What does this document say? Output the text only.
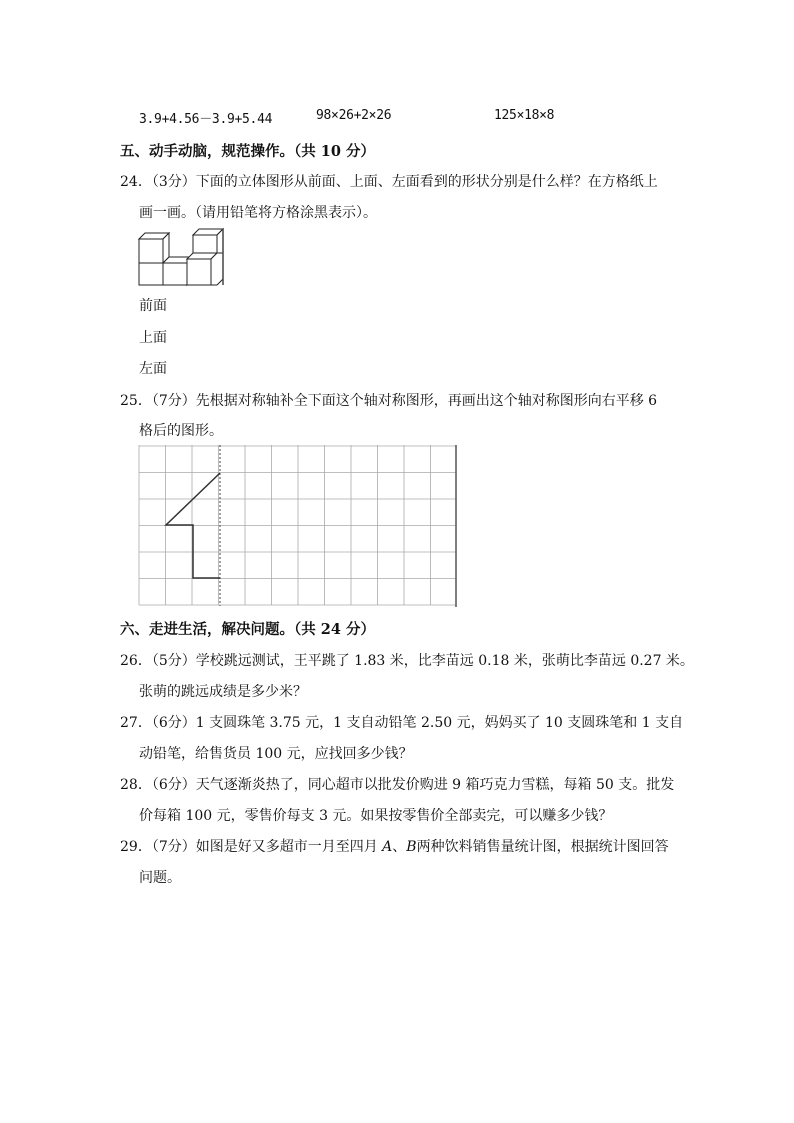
3.9+4.56－3.9+5.44	98×26+2×26	125×18×8
五、动手动脑，规范操作。（共 10 分）
24．（3分）下面的立体图形从前面、上面、左面看到的形状分别是什么样？在方格纸上
画一画。（请用铅笔将方格涂黑表示）。
前面
上面
左面
25．（7分）先根据对称轴补全下面这个轴对称图形，再画出这个轴对称图形向右平移 6
格后的图形。
六、走进生活，解决问题。（共 24 分）
26．（5分）学校跳远测试，王平跳了 1.83 米，比李苗远 0.18 米，张萌比李苗远 0.27 米。
张萌的跳远成绩是多少米？
27．（6分）1 支圆珠笔 3.75 元，1 支自动铅笔 2.50 元，妈妈买了 10 支圆珠笔和 1 支自
动铅笔，给售货员 100 元，应找回多少钱？
28．（6分）天气逐渐炎热了，同心超市以批发价购进 9 箱巧克力雪糕，每箱 50 支。批发
价每箱 100 元，零售价每支 3 元。如果按零售价全部卖完，可以赚多少钱？
29．（7分）如图是好又多超市一月至四月 A、B两种饮料销售量统计图，根据统计图回答
问题。
